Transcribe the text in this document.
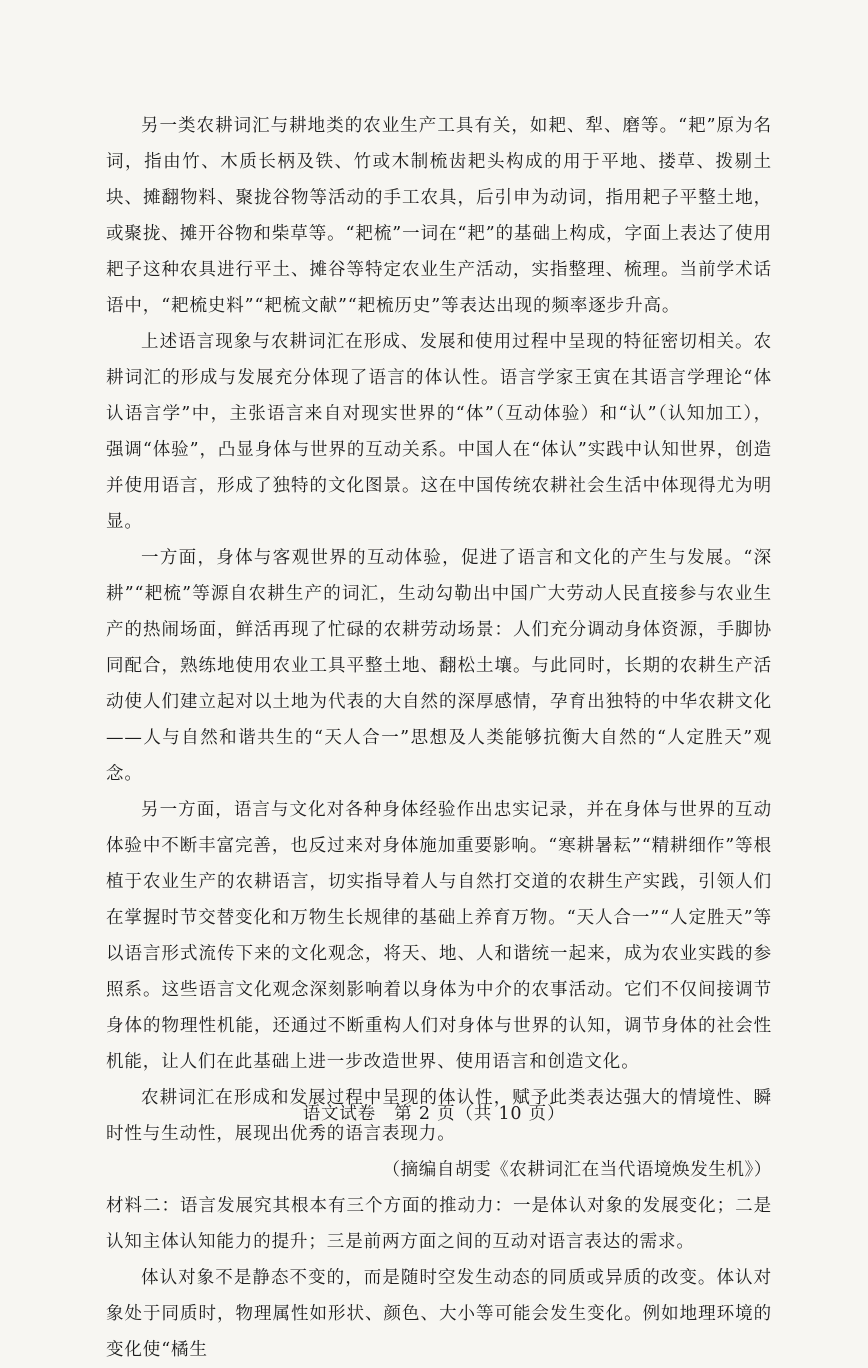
另一类农耕词汇与耕地类的农业生产工具有关，如耙、犁、磨等。“耙”原为名词，指由竹、木质长柄及铁、竹或木制梳齿耙头构成的用于平地、搂草、拨剔土块、摊翻物料、聚拢谷物等活动的手工农具，后引申为动词，指用耙子平整土地，或聚拢、摊开谷物和柴草等。“耙梳”一词在“耙”的基础上构成，字面上表达了使用耙子这种农具进行平土、摊谷等特定农业生产活动，实指整理、梳理。当前学术话语中，“耙梳史料”“耙梳文献”“耙梳历史”等表达出现的频率逐步升高。

上述语言现象与农耕词汇在形成、发展和使用过程中呈现的特征密切相关。农耕词汇的形成与发展充分体现了语言的体认性。语言学家王寅在其语言学理论“体认语言学”中，主张语言来自对现实世界的“体”（互动体验）和“认”（认知加工），强调“体验”，凸显身体与世界的互动关系。中国人在“体认”实践中认知世界，创造并使用语言，形成了独特的文化图景。这在中国传统农耕社会生活中体现得尤为明显。

一方面，身体与客观世界的互动体验，促进了语言和文化的产生与发展。“深耕”“耙梳”等源自农耕生产的词汇，生动勾勒出中国广大劳动人民直接参与农业生产的热闹场面，鲜活再现了忙碌的农耕劳动场景：人们充分调动身体资源，手脚协同配合，熟练地使用农业工具平整土地、翻松土壤。与此同时，长期的农耕生产活动使人们建立起对以土地为代表的大自然的深厚感情，孕育出独特的中华农耕文化——人与自然和谐共生的“天人合一”思想及人类能够抗衡大自然的“人定胜天”观念。

另一方面，语言与文化对各种身体经验作出忠实记录，并在身体与世界的互动体验中不断丰富完善，也反过来对身体施加重要影响。“寒耕暑耘”“精耕细作”等根植于农业生产的农耕语言，切实指导着人与自然打交道的农耕生产实践，引领人们在掌握时节交替变化和万物生长规律的基础上养育万物。“天人合一”“人定胜天”等以语言形式流传下来的文化观念，将天、地、人和谐统一起来，成为农业实践的参照系。这些语言文化观念深刻影响着以身体为中介的农事活动。它们不仅间接调节身体的物理性机能，还通过不断重构人们对身体与世界的认知，调节身体的社会性机能，让人们在此基础上进一步改造世界、使用语言和创造文化。

农耕词汇在形成和发展过程中呈现的体认性，赋予此类表达强大的情境性、瞬时性与生动性，展现出优秀的语言表现力。

（摘编自胡雯《农耕词汇在当代语境焕发生机》）

材料二：语言发展究其根本有三个方面的推动力：一是体认对象的发展变化；二是认知主体认知能力的提升；三是前两方面之间的互动对语言表达的需求。

体认对象不是静态不变的，而是随时空发生动态的同质或异质的改变。体认对象处于同质时，物理属性如形状、颜色、大小等可能会发生变化。例如地理环境的变化使“橘生

语文试卷　第 2 页（共 10 页）
